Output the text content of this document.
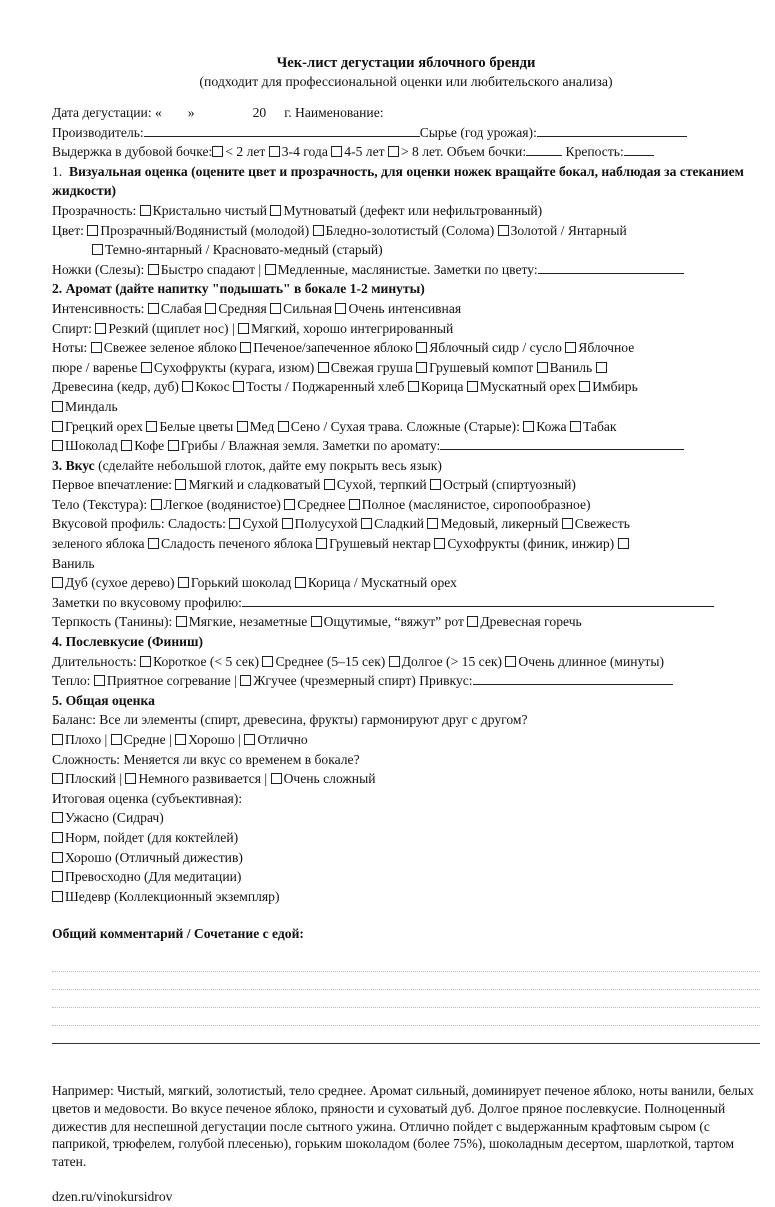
Чек-лист дегустации яблочного бренди
(подходит для профессиональной оценки или любительского анализа)
Дата дегустации: « »	20 г. Наименование:
Производитель:	Сырье (год урожая):
Выдержка в дубовой бочке: < 2 лет 3-4 года 4-5 лет > 8 лет. Объем бочки:	Крепость:
1. Визуальная оценка (оцените цвет и прозрачность, для оценки ножек вращайте бокал, наблюдая за стеканием жидкости)
Прозрачность: Кристально чистый Мутноватый (дефект или нефильтрованный)
Цвет: Прозрачный/Водянистый (молодой) Бледно-золотистый (Солома) Золотой / Янтарный
Темно-янтарный / Красновато-медный (старый)
Ножки (Слезы): Быстро спадают | Медленные, маслянистые. Заметки по цвету:
2. Аромат (дайте напитку "подышать" в бокале 1-2 минуты)
Интенсивность: Слабая Средняя Сильная Очень интенсивная
Спирт: Резкий (щиплет нос) | Мягкий, хорошо интегрированный
Ноты: Свежее зеленое яблоко Печеное/запеченное яблоко Яблочный сидр / сусло Яблочное
пюре / варенье Сухофрукты (курага, изюм) Свежая груша Грушевый компот Ваниль
Древесина (кедр, дуб) Кокос Тосты / Поджаренный хлеб Корица Мускатный орех Имбирь
Миндаль
Грецкий орех Белые цветы Мед Сено / Сухая трава. Сложные (Старые): Кожа Табак
Шоколад Кофе Грибы / Влажная земля. Заметки по аромату:
3. Вкус (сделайте небольшой глоток, дайте ему покрыть весь язык)
Первое впечатление: Мягкий и сладковатый Сухой, терпкий Острый (спиртуозный)
Тело (Текстура): Легкое (водянистое) Среднее Полное (маслянистое, сиропообразное)
Вкусовой профиль: Сладость: Сухой Полусухой Сладкий Медовый, ликерный Свежесть
зеленого яблока Сладость печеного яблока Грушевый нектар Сухофрукты (финик, инжир)
Ваниль
Дуб (сухое дерево) Горький шоколад Корица / Мускатный орех
Заметки по вкусовому профилю:
Терпкость (Танины): Мягкие, незаметные Ощутимые, “вяжут” рот Древесная горечь
4. Послевкусие (Финиш)
Длительность: Короткое (< 5 сек) Среднее (5–15 сек) Долгое (> 15 сек) Очень длинное (минуты)
Тепло: Приятное согревание | Жгучее (чрезмерный спирт) Привкус:
5. Общая оценка
Баланс: Все ли элементы (спирт, древесина, фрукты) гармонируют друг с другом?
Плохо | Средне | Хорошо | Отлично
Сложность: Меняется ли вкус со временем в бокале?
Плоский | Немного развивается | Очень сложный
Итоговая оценка (субъективная):
Ужасно (Сидрач)
Норм, пойдет (для коктейлей)
Хорошо (Отличный дижестив)
Превосходно (Для медитации)
Шедевр (Коллекционный экземпляр)
Общий комментарий / Сочетание с едой:
Например: Чистый, мягкий, золотистый, тело среднее. Аромат сильный, доминирует печеное яблоко, ноты ванили, белых цветов и медовости. Во вкусе печеное яблоко, пряности и суховатый дуб. Долгое пряное послевкусие. Полноценный дижестив для неспешной дегустации после сытного ужина. Отлично пойдет с выдержанным крафтовым сыром (с паприкой, трюфелем, голубой плесенью), горьким шоколадом (более 75%), шоколадным десертом, шарлоткой, тартом татен.
dzen.ru/vinokursidrov
